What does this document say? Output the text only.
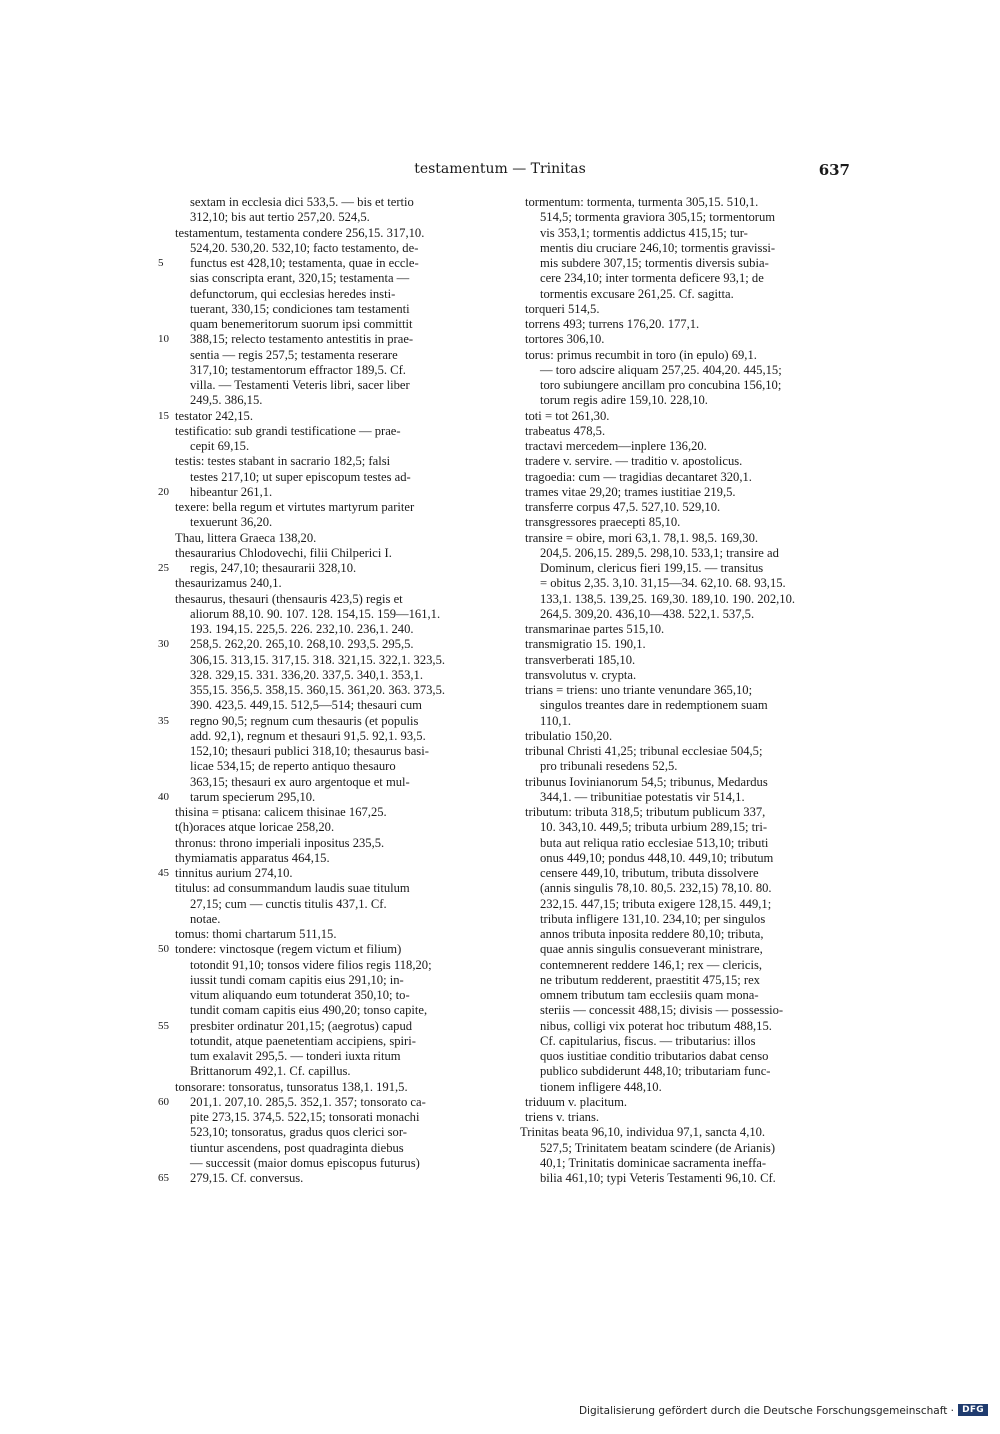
testamentum — Trinitas	637
sextam in ecclesia dici 533,5. — bis et tertio
312,10; bis aut tertio 257,20. 524,5.
testamentum, testamenta condere 256,15. 317,10.
524,20. 530,20. 532,10; facto testamento, de-
5	functus est 428,10; testamenta, quae in eccle-
sias conscripta erant, 320,15; testamenta —
defunctorum, qui ecclesias heredes insti-
tuerant, 330,15; condiciones tam testamenti
quam benemeritorum suorum ipsi committit
10 388,15; relecto testamento antestitis in prae-
sentia — regis 257,5; testamenta reserare
317,10; testamentorum effractor 189,5. Cf.
villa. — Testamenti Veteris libri, sacer liber
249,5. 386,15.
15 testator 242,15.
testificatio: sub grandi testificatione — prae-
cepit 69,15.
testis: testes stabant in sacrario 182,5; falsi
testes 217,10; ut super episcopum testes ad-
20 hibeantur 261,1.
texere: bella regum et virtutes martyrum pariter
texuerunt 36,20.
Thau, littera Graeca 138,20.
thesaurarius Chlodovechi, filii Chilperici I.
25 regis, 247,10; thesaurarii 328,10.
thesaurizamus 240,1.
thesaurus, thesauri (thensauris 423,5) regis et
aliorum 88,10. 90. 107. 128. 154,15. 159—161,1.
193. 194,15. 225,5. 226. 232,10. 236,1. 240.
30 258,5. 262,20. 265,10. 268,10. 293,5. 295,5.
306,15. 313,15. 317,15. 318. 321,15. 322,1. 323,5.
328. 329,15. 331. 336,20. 337,5. 340,1. 353,1.
355,15. 356,5. 358,15. 360,15. 361,20. 363. 373,5.
390. 423,5. 449,15. 512,5—514; thesauri cum
35 regno 90,5; regnum cum thesauris (et populis
add. 92,1), regnum et thesauri 91,5. 92,1. 93,5.
152,10; thesauri publici 318,10; thesaurus basi-
licae 534,15; de reperto antiquo thesauro
363,15; thesauri ex auro argentoque et mul-
40 tarum specierum 295,10.
thisina = ptisana: calicem thisinae 167,25.
t(h)oraces atque loricae 258,20.
thronus: throno imperiali inpositus 235,5.
thymiamatis apparatus 464,15.
45 tinnitus aurium 274,10.
titulus: ad consummandum laudis suae titulum
27,15; cum — cunctis titulis 437,1. Cf.
notae.
tomus: thomi chartarum 511,15.
50 tondere: vinctosque (regem victum et filium)
totondit 91,10; tonsos videre filios regis 118,20;
iussit tundi comam capitis eius 291,10; in-
vitum aliquando eum totunderat 350,10; to-
tundit comam capitis eius 490,20; tonso capite,
55 presbiter ordinatur 201,15; (aegrotus) capud
totundit, atque paenetentiam accipiens, spiri-
tum exalavit 295,5. — tonderi iuxta ritum
Brittanorum 492,1. Cf. capillus.
tonsorare: tonsoratus, tunsoratus 138,1. 191,5.
60 201,1. 207,10. 285,5. 352,1. 357; tonsorato ca-
pite 273,15. 374,5. 522,15; tonsorati monachi
523,10; tonsoratus, gradus quos clerici sor-
tiuntur ascendens, post quadraginta diebus
— successit (maior domus episcopus futurus)
65 279,15. Cf. conversus.
tormentum: tormenta, turmenta 305,15. 510,1.
514,5; tormenta graviora 305,15; tormentorum
vis 353,1; tormentis addictus 415,15; tur-
mentis diu cruciare 246,10; tormentis gravissi-
mis subdere 307,15; tormentis diversis subia-
cere 234,10; inter tormenta deficere 93,1; de
tormentis excusare 261,25. Cf. sagitta.
torqueri 514,5.
torrens 493; turrens 176,20. 177,1.
tortores 306,10.
torus: primus recumbit in toro (in epulo) 69,1.
— toro adscire aliquam 257,25. 404,20. 445,15;
toro subiungere ancillam pro concubina 156,10;
torum regis adire 159,10. 228,10.
toti = tot 261,30.
trabeatus 478,5.
tractavi mercedem—inplere 136,20.
tradere v. servire. — traditio v. apostolicus.
tragoedia: cum — tragidias decantaret 320,1.
trames vitae 29,20; trames iustitiae 219,5.
transferre corpus 47,5. 527,10. 529,10.
transgressores praecepti 85,10.
transire = obire, mori 63,1. 78,1. 98,5. 169,30.
204,5. 206,15. 289,5. 298,10. 533,1; transire ad
Dominum, clericus fieri 199,15. — transitus
= obitus 2,35. 3,10. 31,15—34. 62,10. 68. 93,15.
133,1. 138,5. 139,25. 169,30. 189,10. 190. 202,10.
264,5. 309,20. 436,10—438. 522,1. 537,5.
transmarinae partes 515,10.
transmigratio 15. 190,1.
transverberati 185,10.
transvolutus v. crypta.
trians = triens: uno triante venundare 365,10;
singulos treantes dare in redemptionem suam
110,1.
tribulatio 150,20.
tribunal Christi 41,25; tribunal ecclesiae 504,5;
pro tribunali resedens 52,5.
tribunus Iovinianorum 54,5; tribunus, Medardus
344,1. — tribunitiae potestatis vir 514,1.
tributum: tributa 318,5; tributum publicum 337,
10. 343,10. 449,5; tributa urbium 289,15; tri-
buta aut reliqua ratio ecclesiae 513,10; tributi
onus 449,10; pondus 448,10. 449,10; tributum
censere 449,10, tributum, tributa dissolvere
(annis singulis 78,10. 80,5. 232,15) 78,10. 80.
232,15. 447,15; tributa exigere 128,15. 449,1;
tributa infligere 131,10. 234,10; per singulos
annos tributa inposita reddere 80,10; tributa,
quae annis singulis consueverant ministrare,
contemnerent reddere 146,1; rex — clericis,
ne tributum redderent, praestitit 475,15; rex
omnem tributum tam ecclesiis quam mona-
steriis — concessit 488,15; divisis — possessio-
nibus, colligi vix poterat hoc tributum 488,15.
Cf. capitularius, fiscus. — tributarius: illos
quos iustitiae conditio tributarios dabat censo
publico subdiderunt 448,10; tributariam func-
tionem infligere 448,10.
triduum v. placitum.
triens v. trians.
Trinitas beata 96,10, individua 97,1, sancta 4,10.
527,5; Trinitatem beatam scindere (de Arianis)
40,1; Trinitatis dominicae sacramenta ineffa-
bilia 461,10; typi Veteris Testamenti 96,10. Cf.
Digitalisierung gefördert durch die Deutsche Forschungsgemeinschaft · DFG
